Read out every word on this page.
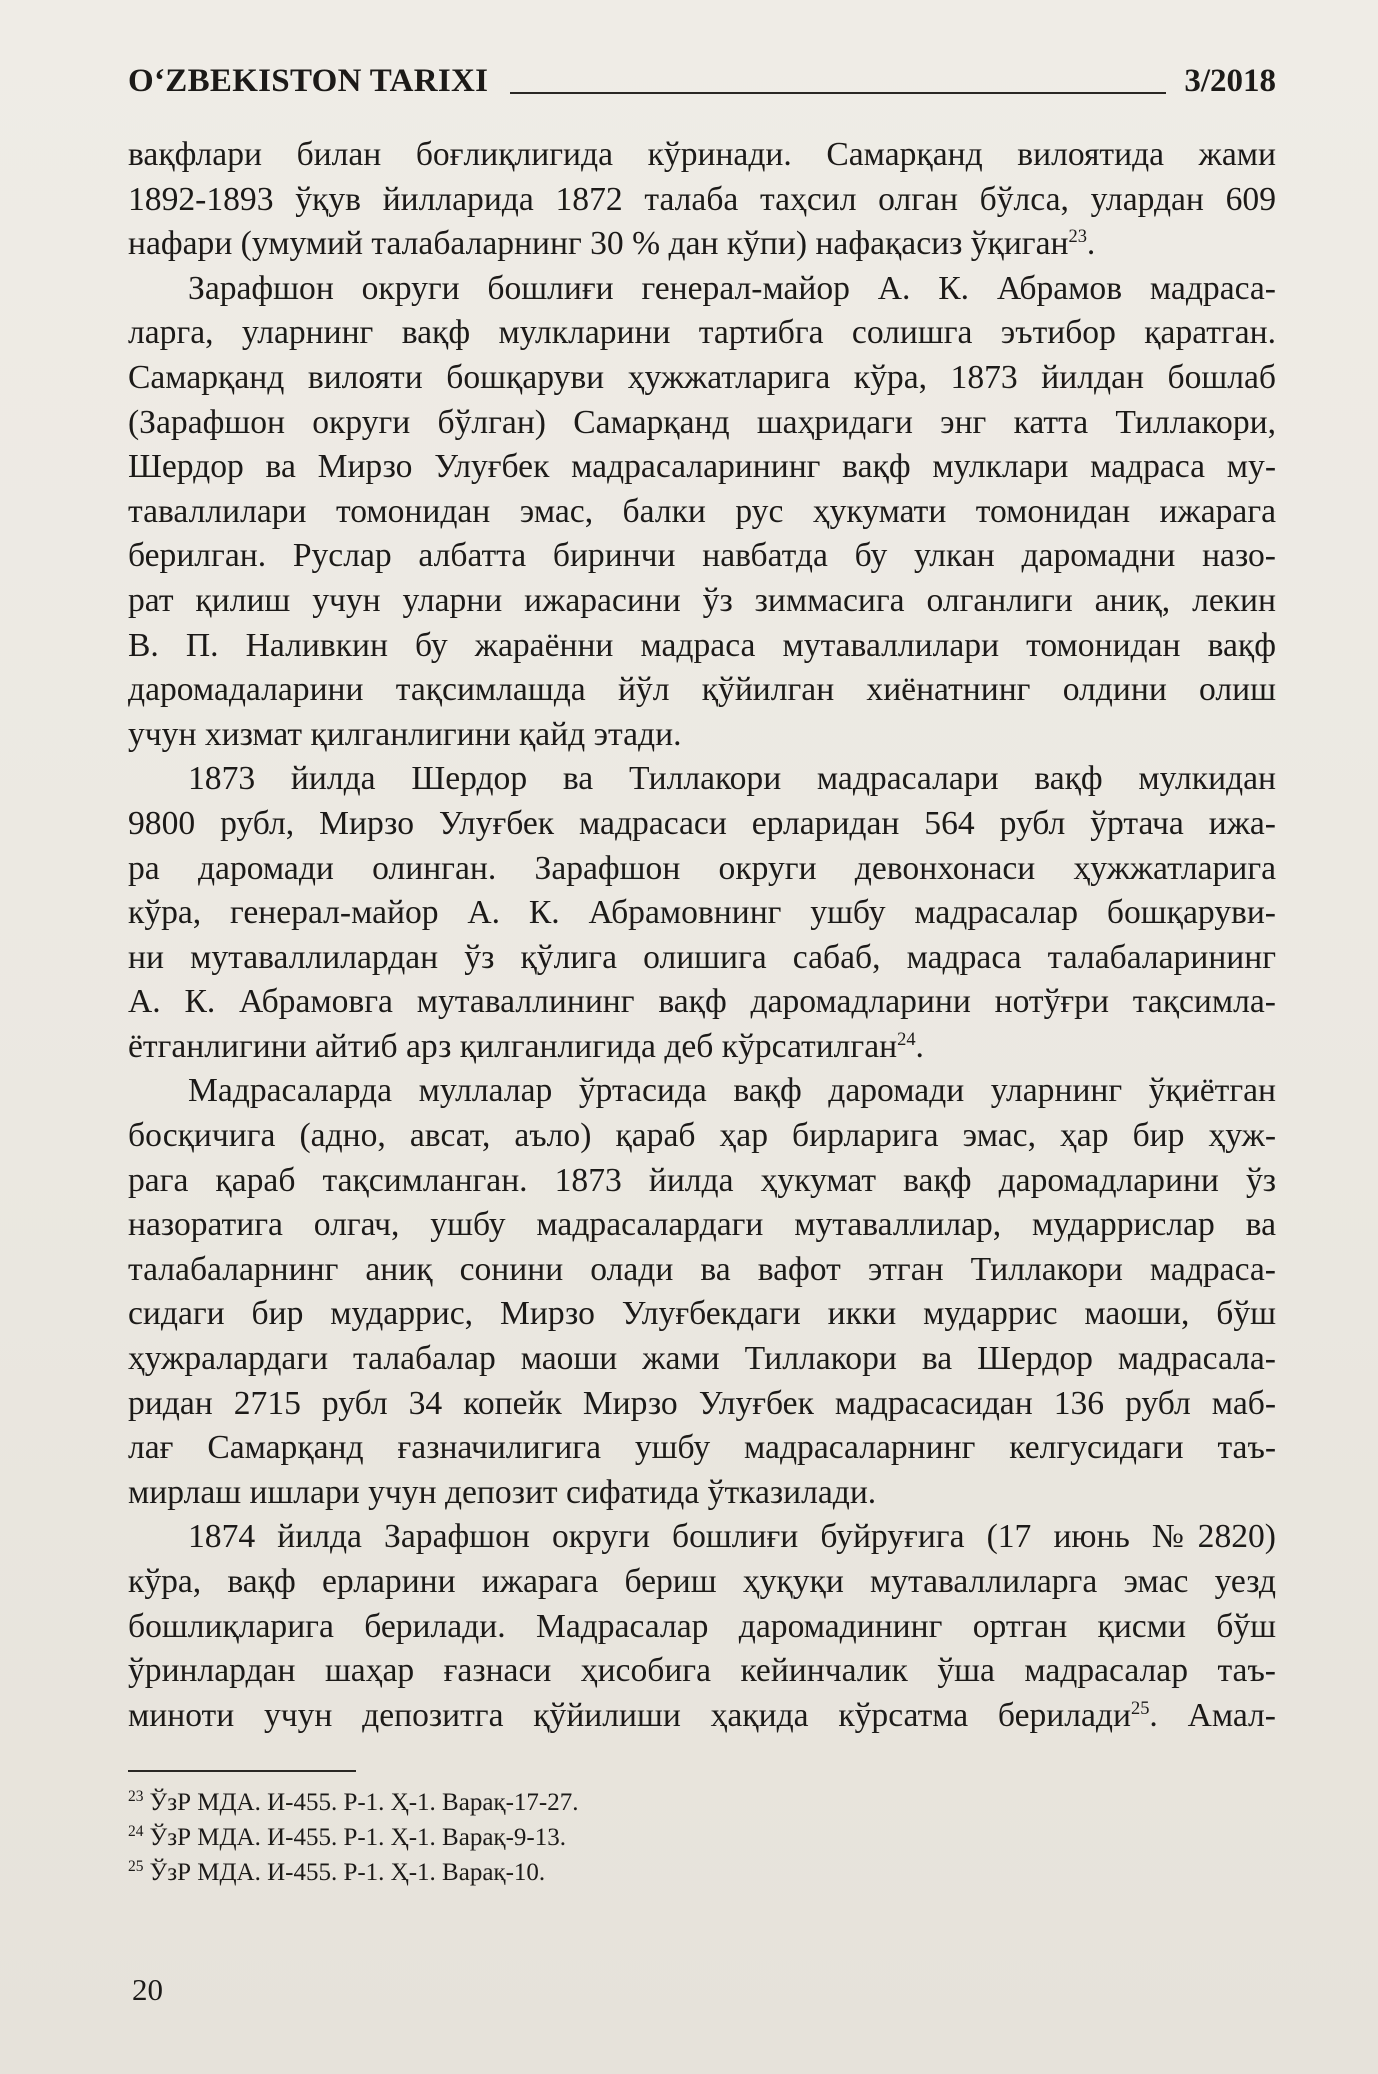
O‘ZBEKISTON TARIXI	3/2018

вақфлари билан боғлиқлигида кўринади. Самарқанд вилоятида жами

1892-1893 ўқув йилларида 1872 талаба таҳсил олган бўлса, улардан 609

нафари (умумий талабаларнинг 30 % дан кўпи) нафақасиз ўқиган$^{23}$.

Зарафшон округи бошлиғи генерал-майор А. К. Абрамов мадраса-

ларга, уларнинг вақф мулкларини тартибга солишга эътибор қаратган.

Самарқанд вилояти бошқаруви ҳужжатларига кўра, 1873 йилдан бошлаб

(Зарафшон округи бўлган) Самарқанд шаҳридаги энг катта Тиллакори,

Шердор ва Мирзо Улуғбек мадрасаларининг вақф мулклари мадраса му-

таваллилари томонидан эмас, балки рус ҳукумати томонидан ижарага

берилган. Руслар албатта биринчи навбатда бу улкан даромадни назо-

рат қилиш учун уларни ижарасини ўз зиммасига олганлиги аниқ, лекин

В. П. Наливкин бу жараённи мадраса мутаваллилари томонидан вақф

даромадаларини тақсимлашда йўл қўйилган хиёнатнинг олдини олиш

учун хизмат қилганлигини қайд этади.

1873 йилда Шердор ва Тиллакори мадрасалари вақф мулкидан

9800 рубл, Мирзо Улуғбек мадрасаси ерларидан 564 рубл ўртача ижа-

ра даромади олинган. Зарафшон округи девонхонаси ҳужжатларига

кўра, генерал-майор А. К. Абрамовнинг ушбу мадрасалар бошқаруви-

ни мутаваллилардан ўз қўлига олишига сабаб, мадраса талабаларининг

А. К. Абрамовга мутаваллининг вақф даромадларини нотўғри тақсимла-

ётганлигини айтиб арз қилганлигида деб кўрсатилган$^{24}$.

Мадрасаларда муллалар ўртасида вақф даромади уларнинг ўқиётган

босқичига (адно, авсат, аъло) қараб ҳар бирларига эмас, ҳар бир ҳуж-

рага қараб тақсимланган. 1873 йилда ҳукумат вақф даромадларини ўз

назоратига олгач, ушбу мадрасалардаги мутаваллилар, мударрислар ва

талабаларнинг аниқ сонини олади ва вафот этган Тиллакори мадраса-

сидаги бир мударрис, Мирзо Улуғбекдаги икки мударрис маоши, бўш

ҳужралардаги талабалар маоши жами Тиллакори ва Шердор мадрасала-

ридан 2715 рубл 34 копейк Мирзо Улуғбек мадрасасидан 136 рубл маб-

лағ Самарқанд ғазначилигига ушбу мадрасаларнинг келгусидаги таъ-

мирлаш ишлари учун депозит сифатида ўтказилади.

1874 йилда Зарафшон округи бошлиғи буйруғига (17 июнь №2820)

кўра, вақф ерларини ижарага бериш ҳуқуқи мутаваллиларга эмас уезд

бошлиқларига берилади. Мадрасалар даромадининг ортган қисми бўш

ўринлардан шаҳар ғазнаси ҳисобига кейинчалик ўша мадрасалар таъ-

миноти учун депозитга қўйилиши ҳақида кўрсатма берилади$^{25}$. Амал-

$^{23}$ ЎзР МДА. И-455. Р-1. Ҳ-1. Варақ-17-27.

$^{24}$ ЎзР МДА. И-455. Р-1. Ҳ-1. Варақ-9-13.

$^{25}$ ЎзР МДА. И-455. Р-1. Ҳ-1. Варақ-10.

20
